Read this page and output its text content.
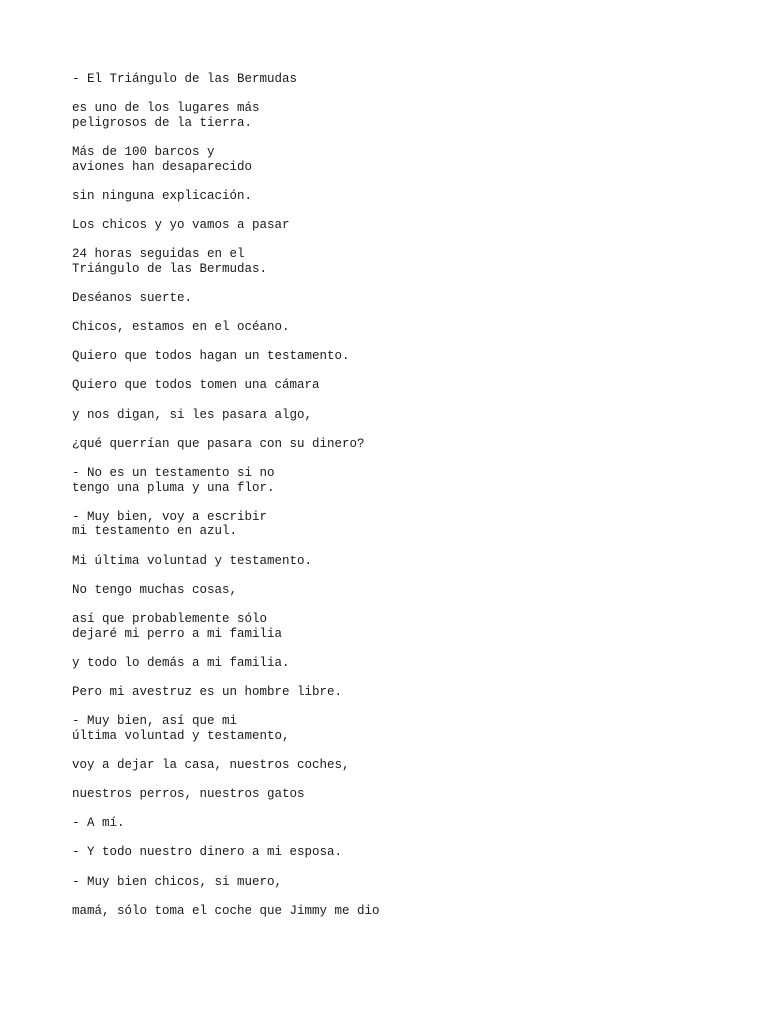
- El Triángulo de las Bermudas

es uno de los lugares más
peligrosos de la tierra.

Más de 100 barcos y
aviones han desaparecido

sin ninguna explicación.

Los chicos y yo vamos a pasar

24 horas seguidas en el
Triángulo de las Bermudas.

Deséanos suerte.

Chicos, estamos en el océano.

Quiero que todos hagan un testamento.

Quiero que todos tomen una cámara

y nos digan, si les pasara algo,

¿qué querrían que pasara con su dinero?

- No es un testamento si no
tengo una pluma y una flor.

- Muy bien, voy a escribir
mi testamento en azul.

Mi última voluntad y testamento.

No tengo muchas cosas,

así que probablemente sólo
dejaré mi perro a mi familia

y todo lo demás a mi familia.

Pero mi avestruz es un hombre libre.

- Muy bien, así que mi
última voluntad y testamento,

voy a dejar la casa, nuestros coches,

nuestros perros, nuestros gatos

- A mí.

- Y todo nuestro dinero a mi esposa.

- Muy bien chicos, si muero,

mamá, sólo toma el coche que Jimmy me dio
